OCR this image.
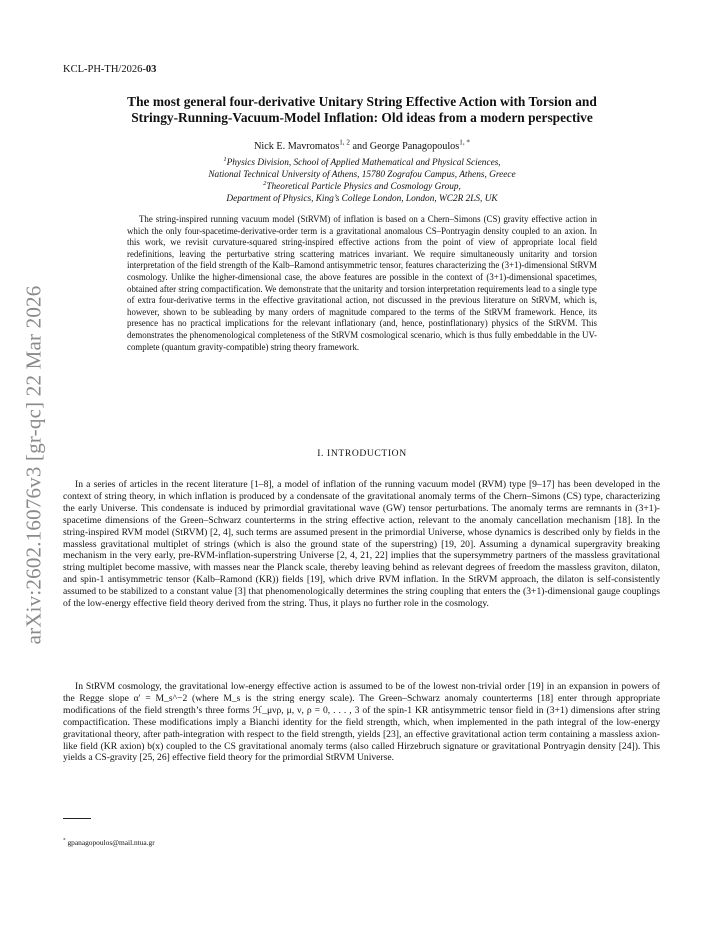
arXiv:2602.16076v3 [gr-qc] 22 Mar 2026
KCL-PH-TH/2026-03
The most general four-derivative Unitary String Effective Action with Torsion and
Stringy-Running-Vacuum-Model Inflation: Old ideas from a modern perspective
Nick E. Mavromatos$^{1, 2}$ and George Panagopoulos$^{1, *}$
$^1$Physics Division, School of Applied Mathematical and Physical Sciences,
National Technical University of Athens, 15780 Zografou Campus, Athens, Greece
$^2$Theoretical Particle Physics and Cosmology Group,
Department of Physics, King’s College London, London, WC2R 2LS, UK
The string-inspired running vacuum model (StRVM) of inflation is based on a Chern–Simons (CS) gravity effective action in which the only four-spacetime-derivative-order term is a gravitational anomalous CS–Pontryagin density coupled to an axion. In this work, we revisit curvature-squared string-inspired effective actions from the point of view of appropriate local field redefinitions, leaving the perturbative string scattering matrices invariant. We require simultaneously unitarity and torsion interpretation of the field strength of the Kalb–Ramond antisymmetric tensor, features characterizing the (3+1)-dimensional StRVM cosmology. Unlike the higher-dimensional case, the above features are possible in the context of (3+1)-dimensional spacetimes, obtained after string compactification. We demonstrate that the unitarity and torsion interpretation requirements lead to a single type of extra four-derivative terms in the effective gravitational action, not discussed in the previous literature on StRVM, which is, however, shown to be subleading by many orders of magnitude compared to the terms of the StRVM framework. Hence, its presence has no practical implications for the relevant inflationary (and, hence, postinflationary) physics of the StRVM. This demonstrates the phenomenological completeness of the StRVM cosmological scenario, which is thus fully embeddable in the UV-complete (quantum gravity-compatible) string theory framework.
I. INTRODUCTION

In a series of articles in the recent literature [1–8], a model of inflation of the running vacuum model (RVM) type [9–17] has been developed in the context of string theory, in which inflation is produced by a condensate of the gravitational anomaly terms of the Chern–Simons (CS) type, characterizing the early Universe. This condensate is induced by primordial gravitational wave (GW) tensor perturbations. The anomaly terms are remnants in (3+1)-spacetime dimensions of the Green–Schwarz counterterms in the string effective action, relevant to the anomaly cancellation mechanism [18]. In the string-inspired RVM model (StRVM) [2, 4], such terms are assumed present in the primordial Universe, whose dynamics is described only by fields in the massless gravitational multiplet of strings (which is also the ground state of the superstring) [19, 20]. Assuming a dynamical supergravity breaking mechanism in the very early, pre-RVM-inflation-superstring Universe [2, 4, 21, 22] implies that the supersymmetry partners of the massless gravitational string multiplet become massive, with masses near the Planck scale, thereby leaving behind as relevant degrees of freedom the massless graviton, dilaton, and spin-1 antisymmetric tensor (Kalb–Ramond (KR)) fields [19], which drive RVM inflation. In the StRVM approach, the dilaton is self-consistently assumed to be stabilized to a constant value [3] that phenomenologically determines the string coupling that enters the (3+1)-dimensional gauge couplings of the low-energy effective field theory derived from the string. Thus, it plays no further role in the cosmology.

In StRVM cosmology, the gravitational low-energy effective action is assumed to be of the lowest non-trivial order [19] in an expansion in powers of the Regge slope α′ = M_s^−2 (where M_s is the string energy scale). The Green–Schwarz anomaly counterterms [18] enter through appropriate modifications of the field strength’s three forms ℋ_μνρ, μ, ν, ρ = 0, . . . , 3 of the spin-1 KR antisymmetric tensor field in (3+1) dimensions after string compactification. These modifications imply a Bianchi identity for the field strength, which, when implemented in the path integral of the low-energy gravitational theory, after path-integration with respect to the field strength, yields [23], an effective gravitational action term containing a massless axion-like field (KR axion) b(x) coupled to the CS gravitational anomaly terms (also called Hirzebruch signature or gravitational Pontryagin density [24]). This yields a CS-gravity [25, 26] effective field theory for the primordial StRVM Universe.

* gpanagopoulos@mail.ntua.gr
